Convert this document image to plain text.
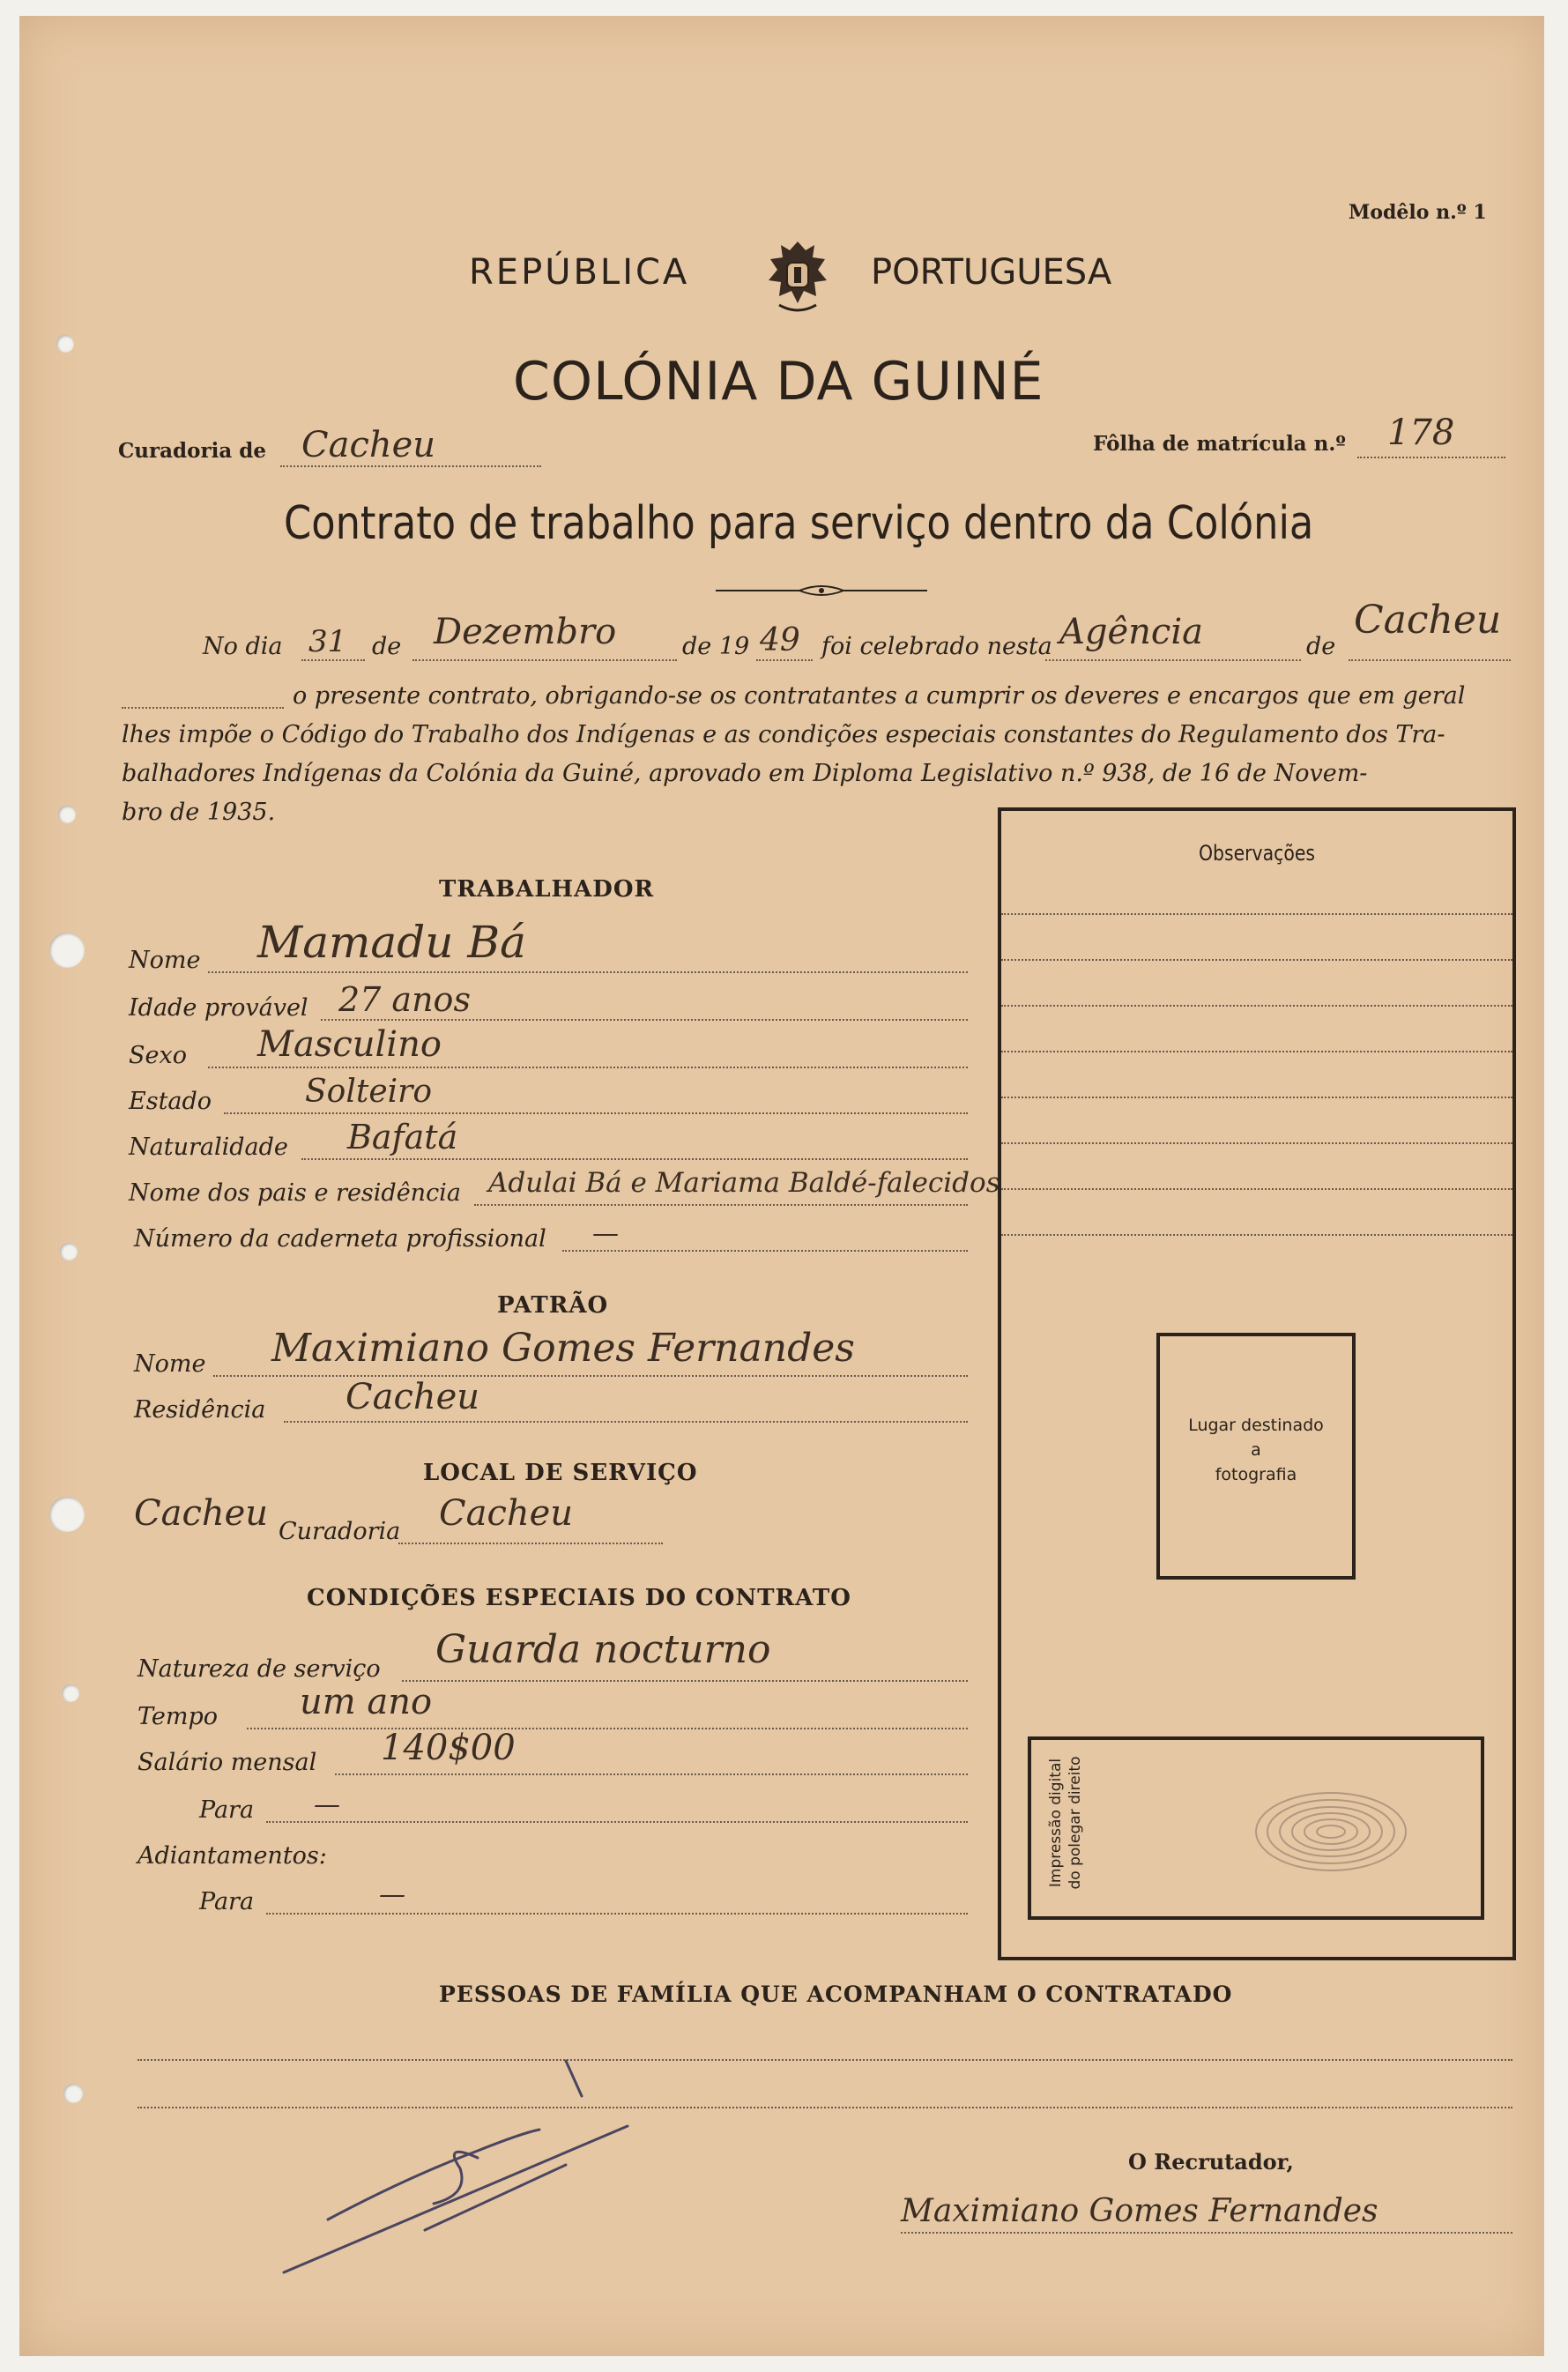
Modêlo n.º 1
REPÚBLICA	PORTUGUESA
COLÓNIA DA GUINÉ
Curadoria de Cacheu	Fôlha de matrícula n.º 178
Contrato de trabalho para serviço dentro da Colónia
No dia 31 de Dezembro	de 19 49 foi celebrado nesta Agência	de
Cacheu
o presente contrato, obrigando-se os contratantes a cumprir os deveres e encargos que em geral
lhes impõe o Código do Trabalho dos Indígenas e as condições especiais constantes do Regulamento dos Tra-
balhadores Indígenas da Colónia da Guiné, aprovado em Diploma Legislativo n.º 938, de 16 de Novem-
bro de 1935.
TRABALHADOR
Nome Mamadu Bá
Idade provável 27 anos
Sexo Masculino
Estado	Solteiro
Naturalidade Bafatá
Nome dos pais e residência Adulai Bá e Mariama Baldé-falecidos
Número da caderneta profissional —
PATRÃO
Nome Maximiano Gomes Fernandes
Residência Cacheu
LOCAL DE SERVIÇO
Cacheu Curadoria Cacheu
CONDIÇÕES ESPECIAIS DO CONTRATO
Natureza de serviço Guarda nocturno
Tempo um ano
Salário mensal 140$00
Para —
Adiantamentos:
Para	—
Observações
Lugar destinado
a
fotografia
Impressão digital do polegar direito
PESSOAS DE FAMÍLIA QUE ACOMPANHAM O CONTRATADO
O Recrutador,
Maximiano Gomes Fernandes
